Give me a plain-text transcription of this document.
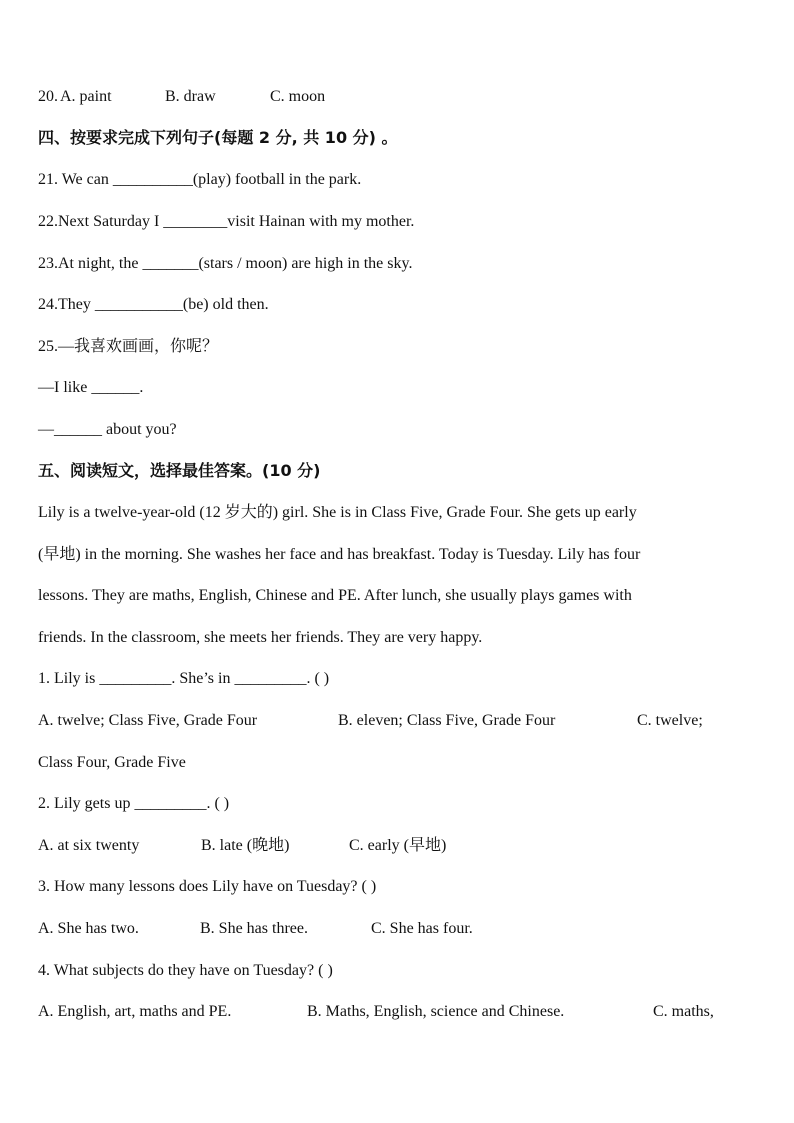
20. A. paint	B. draw	C. moon
四、按要求完成下列句子(每题 2 分, 共 10 分) 。
21. We can __________(play) football in the park.
22.Next Saturday I ________visit Hainan with my mother.
23.At night, the _______(stars / moon) are high in the sky.
24.They ___________(be) old then.
25.—我喜欢画画，你呢？
—I like ______.
—______ about you?
五、阅读短文，选择最佳答案。(10 分)
Lily is a twelve-year-old (12 岁大的) girl. She is in Class Five, Grade Four. She gets up early
(早地) in the morning. She washes her face and has breakfast. Today is Tuesday. Lily has four
lessons. They are maths, English, Chinese and PE. After lunch, she usually plays games with
friends. In the classroom, she meets her friends. They are very happy.
1. Lily is _________. She’s in _________. ( )
A. twelve; Class Five, Grade Four	B. eleven; Class Five, Grade Four	C. twelve;
Class Four, Grade Five
2. Lily gets up _________. ( )
A. at six twenty	B. late (晚地)	C. early (早地)
3. How many lessons does Lily have on Tuesday? ( )
A. She has two.	B. She has three.	C. She has four.
4. What subjects do they have on Tuesday? ( )
A. English, art, maths and PE.	B. Maths, English, science and Chinese.	C. maths,
